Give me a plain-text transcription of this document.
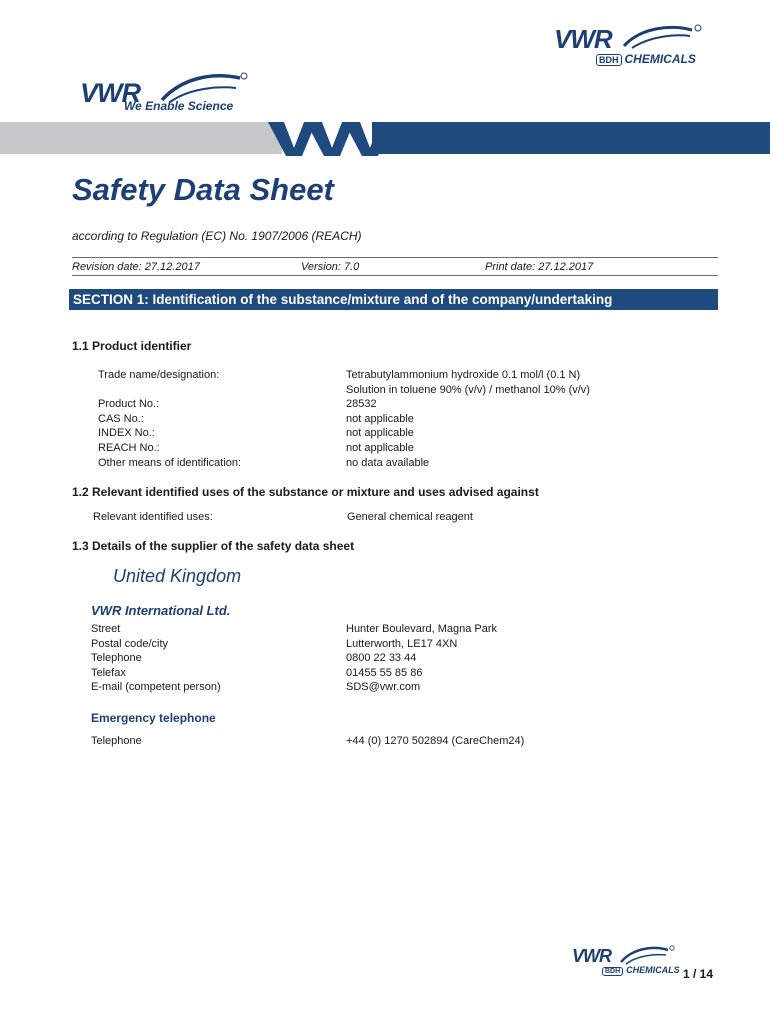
VWR
BDH CHEMICALS
VWR
We Enable Science
Safety Data Sheet
according to Regulation (EC) No. 1907/2006 (REACH)
Revision date: 27.12.2017	Version: 7.0	Print date: 27.12.2017
SECTION 1: Identification of the substance/mixture and of the company/undertaking
1.1 Product identifier
Trade name/designation:	Tetrabutylammonium hydroxide 0.1 mol/l (0.1 N)
Solution in toluene 90% (v/v) / methanol 10% (v/v)
Product No.:	28532
CAS No.:	not applicable
INDEX No.:	not applicable
REACH No.:	not applicable
Other means of identification:	no data available
1.2 Relevant identified uses of the substance or mixture and uses advised against
Relevant identified uses:	General chemical reagent
1.3 Details of the supplier of the safety data sheet
United Kingdom
VWR International Ltd.
Street	Hunter Boulevard, Magna Park
Postal code/city	Lutterworth, LE17 4XN
Telephone	0800 22 33 44
Telefax	01455 55 85 86
E-mail (competent person)	SDS@vwr.com
Emergency telephone
Telephone	+44 (0) 1270 502894 (CareChem24)
VWR
BDH CHEMICALS 1 / 14
